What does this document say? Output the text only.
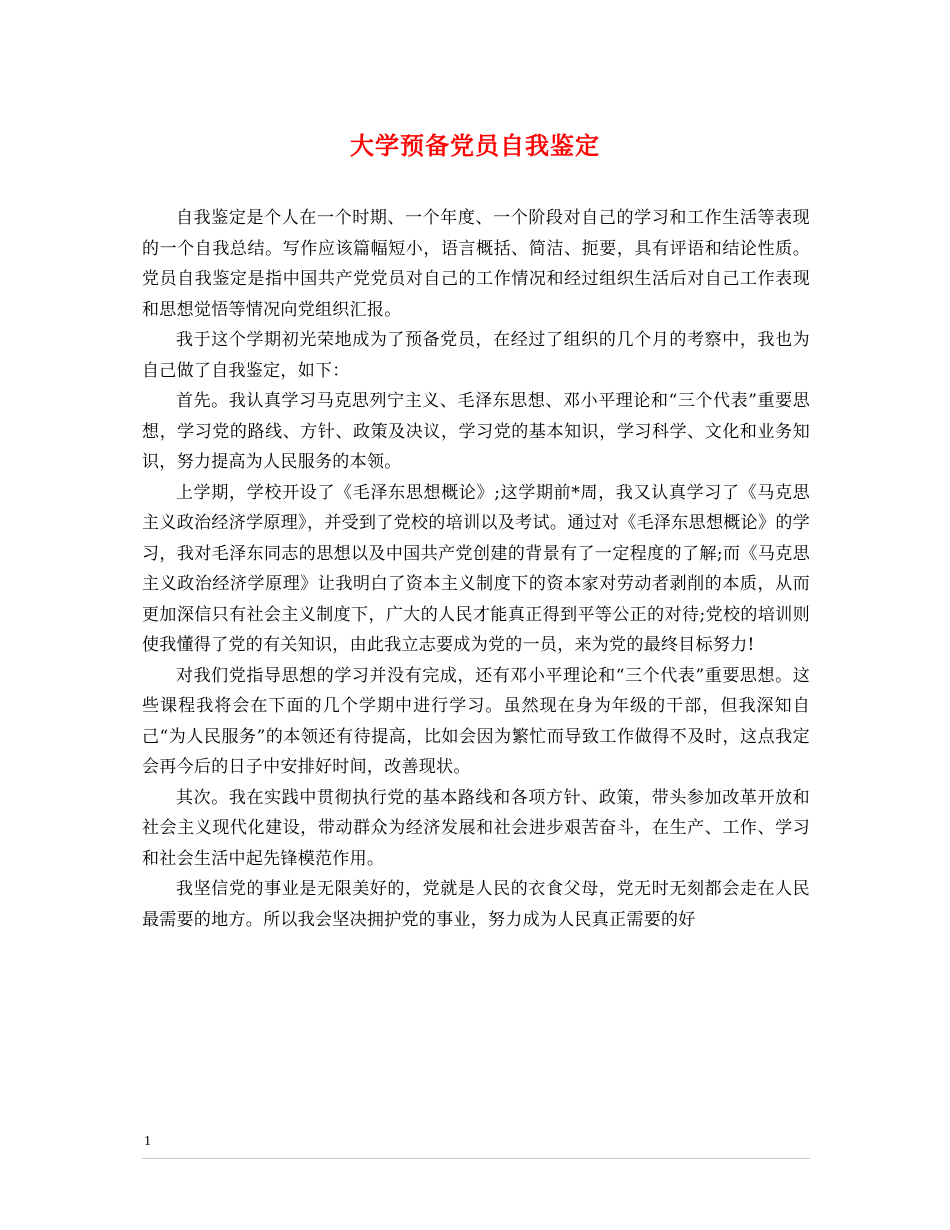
大学预备党员自我鉴定

自我鉴定是个人在一个时期、一个年度、一个阶段对自己的学习和工作生活等表现的一个自我总结。写作应该篇幅短小，语言概括、简洁、扼要，具有评语和结论性质。党员自我鉴定是指中国共产党党员对自己的工作情况和经过组织生活后对自己工作表现和思想觉悟等情况向党组织汇报。

我于这个学期初光荣地成为了预备党员，在经过了组织的几个月的考察中，我也为自己做了自我鉴定，如下：

首先。我认真学习马克思列宁主义、毛泽东思想、邓小平理论和“三个代表”重要思想，学习党的路线、方针、政策及决议，学习党的基本知识，学习科学、文化和业务知识，努力提高为人民服务的本领。

上学期，学校开设了《毛泽东思想概论》;这学期前*周，我又认真学习了《马克思主义政治经济学原理》，并受到了党校的培训以及考试。通过对《毛泽东思想概论》的学习，我对毛泽东同志的思想以及中国共产党创建的背景有了一定程度的了解;而《马克思主义政治经济学原理》让我明白了资本主义制度下的资本家对劳动者剥削的本质，从而更加深信只有社会主义制度下，广大的人民才能真正得到平等公正的对待;党校的培训则使我懂得了党的有关知识，由此我立志要成为党的一员，来为党的最终目标努力!

对我们党指导思想的学习并没有完成，还有邓小平理论和“三个代表”重要思想。这些课程我将会在下面的几个学期中进行学习。虽然现在身为年级的干部，但我深知自己“为人民服务”的本领还有待提高，比如会因为繁忙而导致工作做得不及时，这点我定会再今后的日子中安排好时间，改善现状。

其次。我在实践中贯彻执行党的基本路线和各项方针、政策，带头参加改革开放和社会主义现代化建设，带动群众为经济发展和社会进步艰苦奋斗，在生产、工作、学习和社会生活中起先锋模范作用。

我坚信党的事业是无限美好的，党就是人民的衣食父母，党无时无刻都会走在人民最需要的地方。所以我会坚决拥护党的事业，努力成为人民真正需要的好

1
